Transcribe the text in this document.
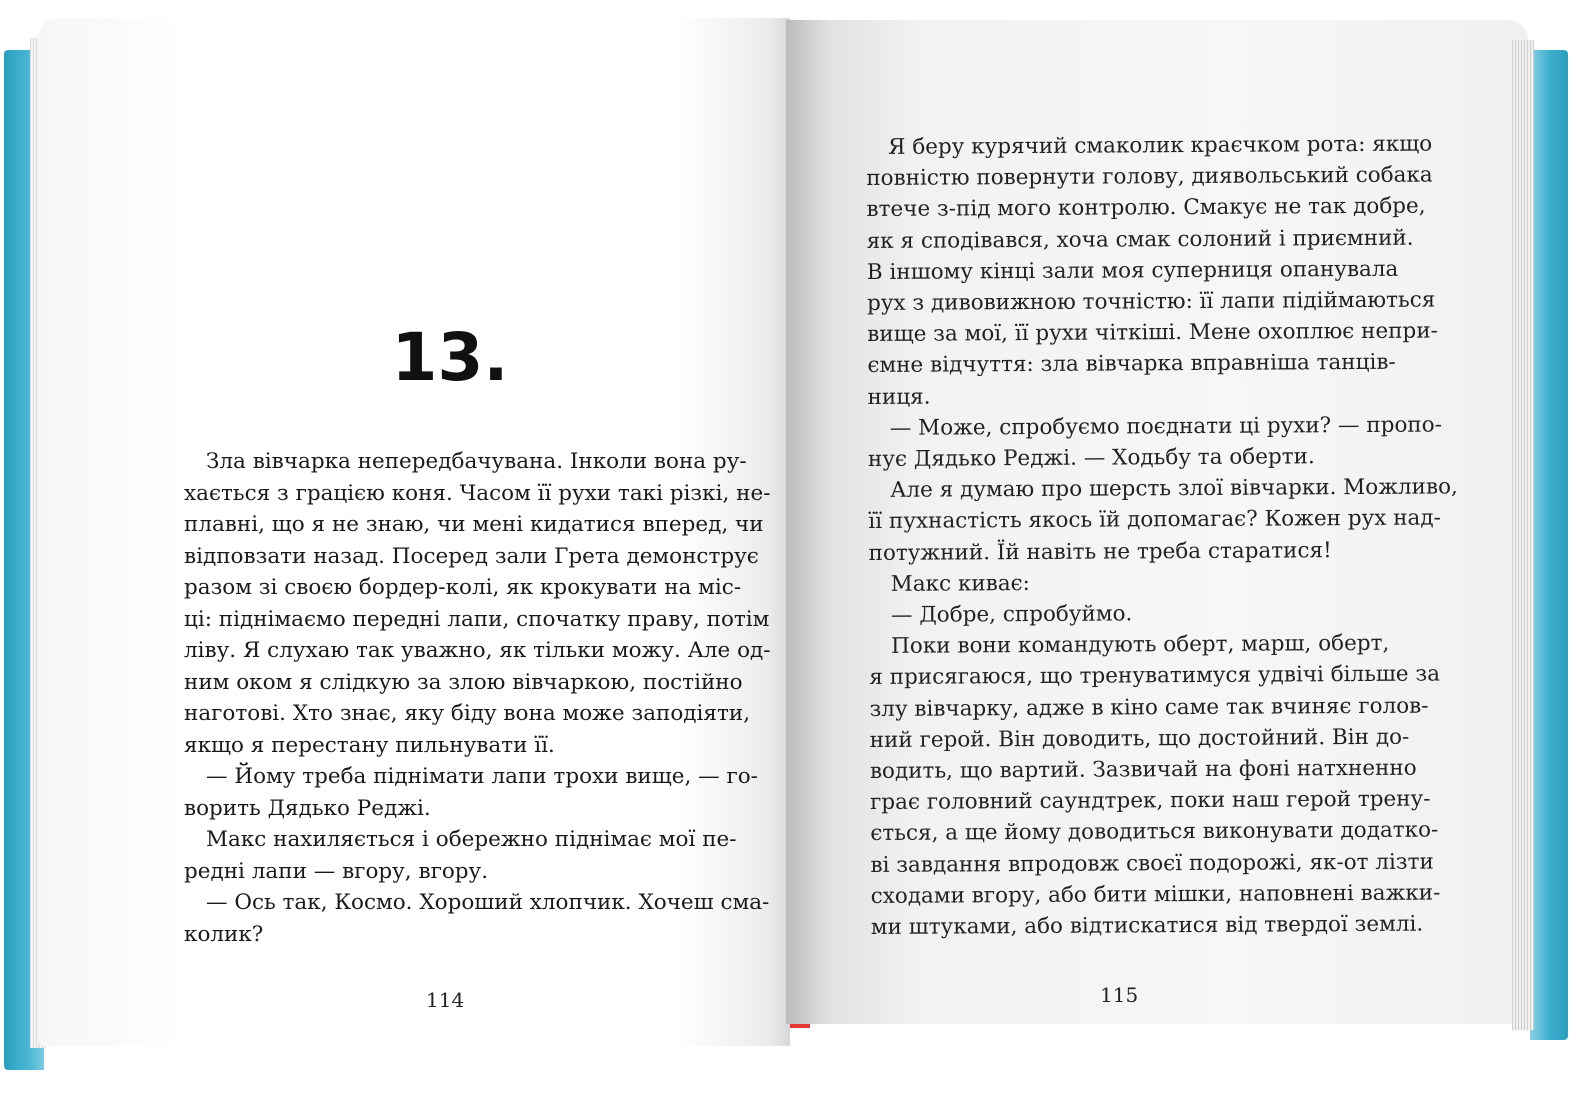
13.
Зла вівчарка непередбачувана. Інколи вона ру-
хається з грацією коня. Часом її рухи такі різкі, не-
плавні, що я не знаю, чи мені кидатися вперед, чи
відповзати назад. Посеред зали Грета демонструє
разом зі своєю бордер-колі, як крокувати на міс-
ці: піднімаємо передні лапи, спочатку праву, потім
ліву. Я слухаю так уважно, як тільки можу. Але од-
ним оком я слідкую за злою вівчаркою, постійно
наготові. Хто знає, яку біду вона може заподіяти,
якщо я перестану пильнувати її.
— Йому треба піднімати лапи трохи вище, — го-
ворить Дядько Реджі.
Макс нахиляється і обережно піднімає мої пе-
редні лапи — вгору, вгору.
— Ось так, Космо. Хороший хлопчик. Хочеш сма-
колик?
114
Я беру курячий смаколик краєчком рота: якщо
повністю повернути голову, диявольський собака
втече з-під мого контролю. Смакує не так добре,
як я сподівався, хоча смак солоний і приємний.
В іншому кінці зали моя суперниця опанувала
рух з дивовижною точністю: її лапи підіймаються
вище за мої, її рухи чіткіші. Мене охоплює непри-
ємне відчуття: зла вівчарка вправніша танців-
ниця.
— Може, спробуємо поєднати ці рухи? — пропо-
нує Дядько Реджі. — Ходьбу та оберти.
Але я думаю про шерсть злої вівчарки. Можливо,
її пухнастість якось їй допомагає? Кожен рух над-
потужний. Їй навіть не треба старатися!
Макс киває:
— Добре, спробуймо.
Поки вони командують оберт, марш, оберт,
я присягаюся, що тренуватимуся удвічі більше за
злу вівчарку, адже в кіно саме так вчиняє голов-
ний герой. Він доводить, що достойний. Він до-
водить, що вартий. Зазвичай на фоні натхненно
грає головний саундтрек, поки наш герой трену-
ється, а ще йому доводиться виконувати додатко-
ві завдання впродовж своєї подорожі, як-от лізти
сходами вгору, або бити мішки, наповнені важки-
ми штуками, або відтискатися від твердої землі.
115
